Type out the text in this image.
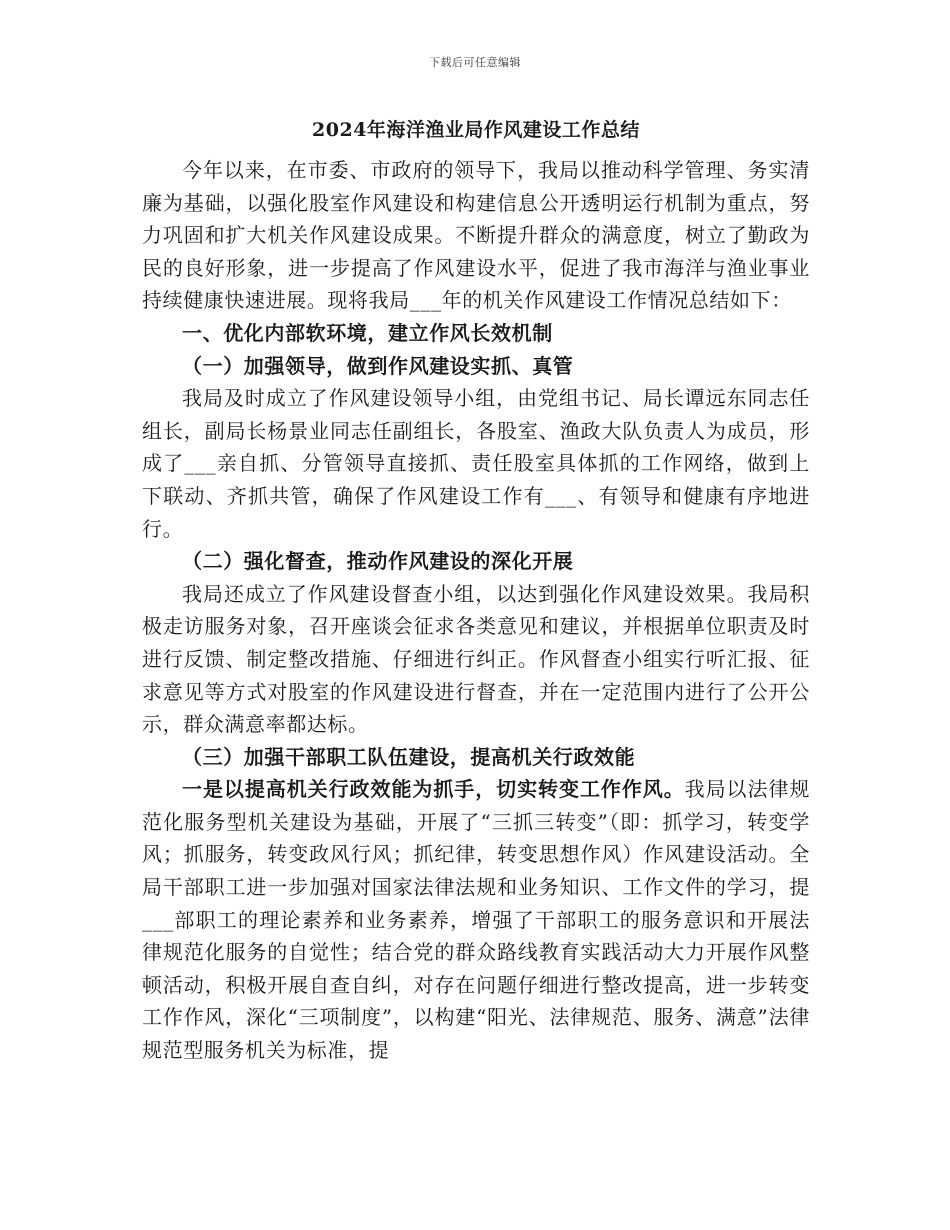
下载后可任意编辑
2024年海洋渔业局作风建设工作总结

今年以来，在市委、市政府的领导下，我局以推动科学管理、务实清廉为基础，以强化股室作风建设和构建信息公开透明运行机制为重点，努力巩固和扩大机关作风建设成果。不断提升群众的满意度，树立了勤政为民的良好形象，进一步提高了作风建设水平，促进了我市海洋与渔业事业持续健康快速进展。现将我局___年的机关作风建设工作情况总结如下：

一、优化内部软环境，建立作风长效机制

（一）加强领导，做到作风建设实抓、真管

我局及时成立了作风建设领导小组，由党组书记、局长谭远东同志任组长，副局长杨景业同志任副组长，各股室、渔政大队负责人为成员，形成了___亲自抓、分管领导直接抓、责任股室具体抓的工作网络，做到上下联动、齐抓共管，确保了作风建设工作有___、有领导和健康有序地进行。

（二）强化督查，推动作风建设的深化开展

我局还成立了作风建设督查小组，以达到强化作风建设效果。我局积极走访服务对象，召开座谈会征求各类意见和建议，并根据单位职责及时进行反馈、制定整改措施、仔细进行纠正。作风督查小组实行听汇报、征求意见等方式对股室的作风建设进行督查，并在一定范围内进行了公开公示，群众满意率都达标。

（三）加强干部职工队伍建设，提高机关行政效能

一是以提高机关行政效能为抓手，切实转变工作作风。我局以法律规范化服务型机关建设为基础，开展了“三抓三转变”（即：抓学习，转变学风；抓服务，转变政风行风；抓纪律，转变思想作风）作风建设活动。全局干部职工进一步加强对国家法律法规和业务知识、工作文件的学习，提___部职工的理论素养和业务素养，增强了干部职工的服务意识和开展法律规范化服务的自觉性；结合党的群众路线教育实践活动大力开展作风整顿活动，积极开展自查自纠，对存在问题仔细进行整改提高，进一步转变工作作风，深化“三项制度”，以构建“阳光、法律规范、服务、满意”法律规范型服务机关为标准，提
